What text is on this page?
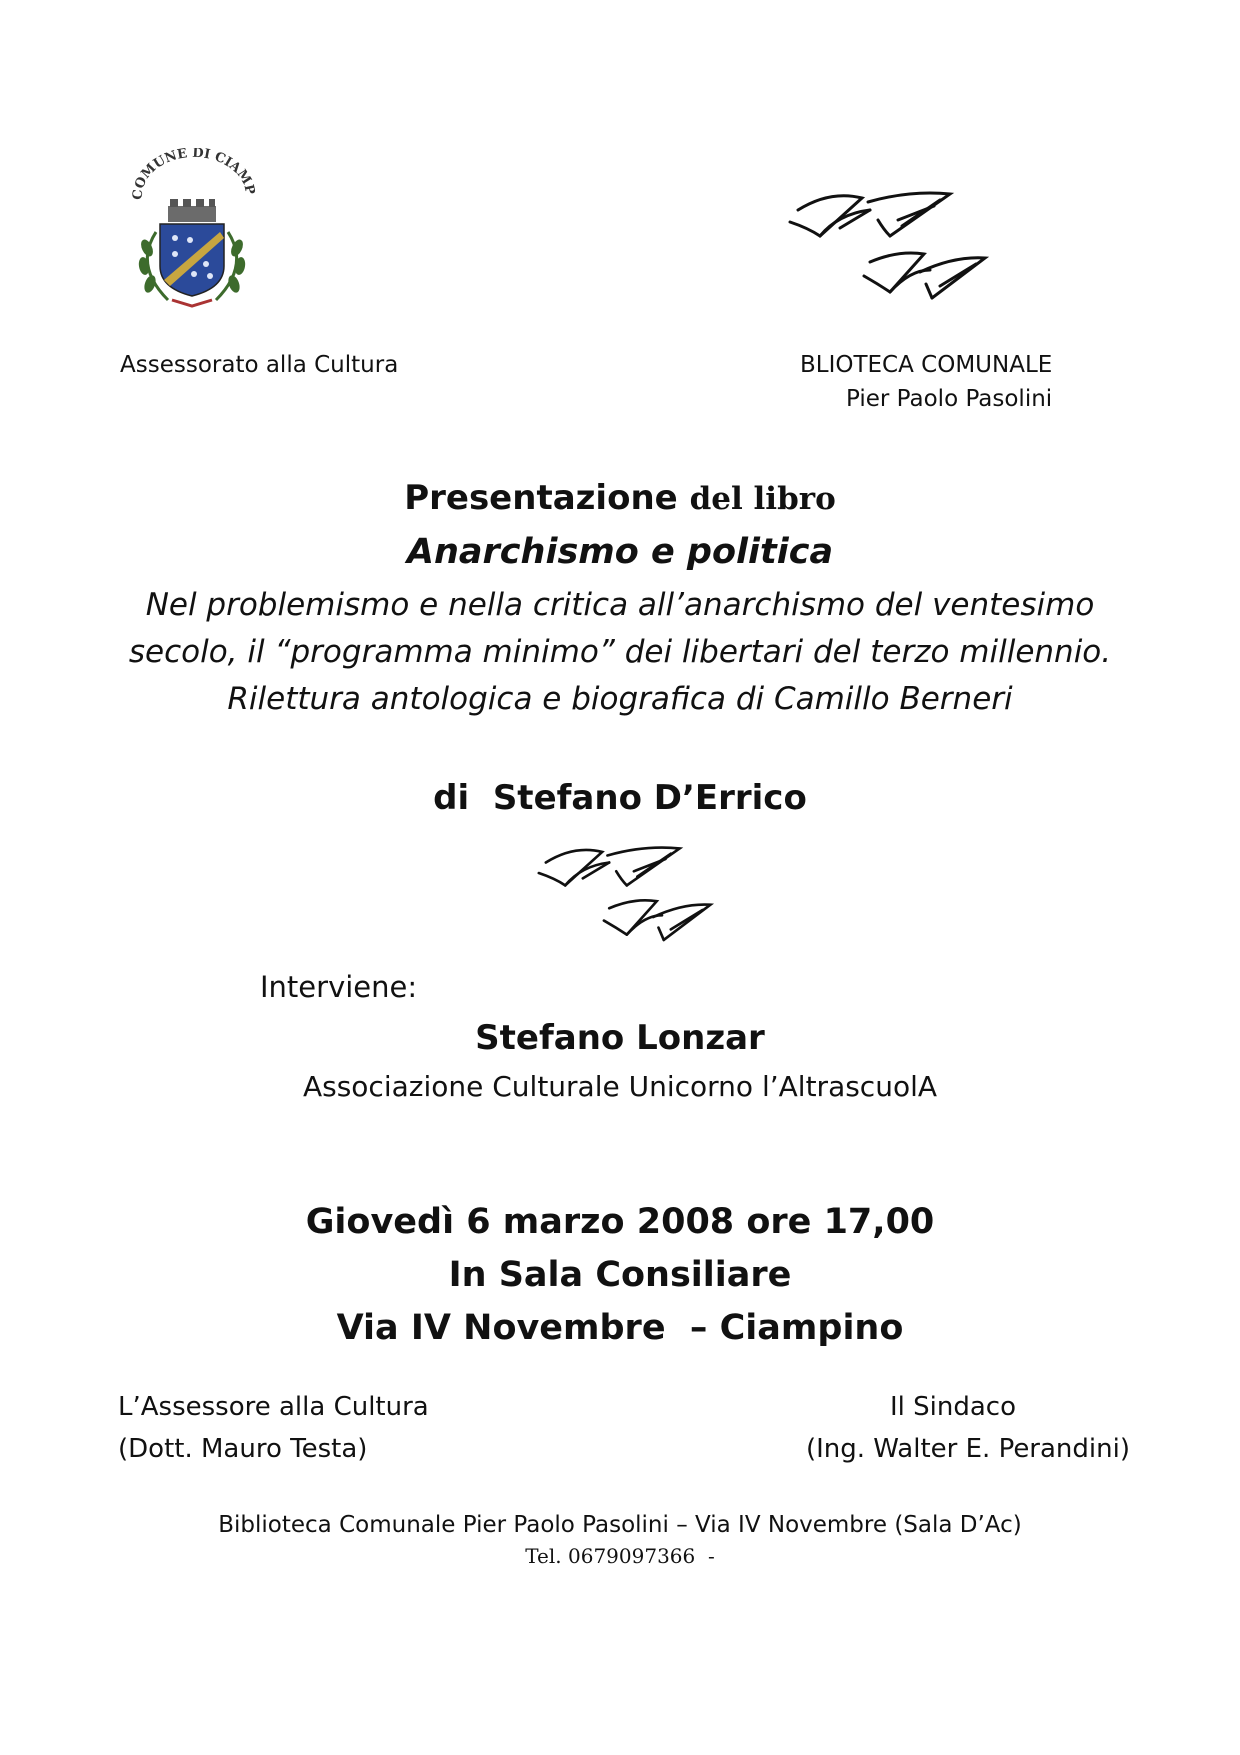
COMUNE DI CIAMP
Assessorato alla Cultura	BLIOTECA COMUNALE
Pier Paolo Pasolini
Presentazione del libro
Anarchismo e politica
Nel problemismo e nella critica all’anarchismo del ventesimo
secolo, il “programma minimo” dei libertari del terzo millennio.
Rilettura antologica e biografica di Camillo Berneri
di  Stefano D’Errico
Interviene:
Stefano Lonzar
Associazione Culturale Unicorno l’AltrascuolA
Giovedì 6 marzo 2008 ore 17,00
In Sala Consiliare
Via IV Novembre  – Ciampino
L’Assessore alla Cultura
(Dott. Mauro Testa)
Il Sindaco
(Ing. Walter E. Perandini)
Biblioteca Comunale Pier Paolo Pasolini – Via IV Novembre (Sala D’Ac)
Tel. 0679097366  -
